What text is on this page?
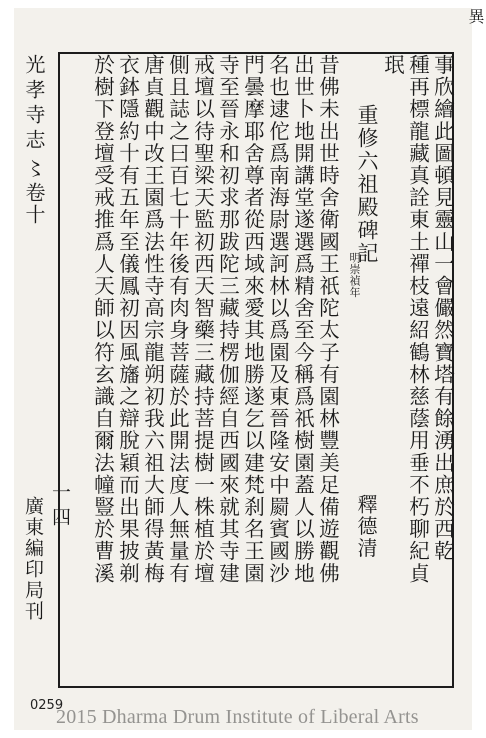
光孝寺志〻卷十
異
事欣繪此圖頓見靈山一會儼然寶塔有餘湧出庶於西乾
種再標龍藏真詮東土禪枝遠紹鶴林慈蔭用垂不朽聊紀貞
珉
重修六祖殿碑記
明崇禎年
釋德清
昔佛未出世時舍衛國王祇陀太子有園林豐美足備遊觀佛
出世卜地開講堂遂選爲精舍至今稱爲祇樹園蓋人以勝地
名也逮佗爲南海尉選訶林以爲園及東晉隆安中罽賓國沙
門曇摩耶舍尊者從西域來愛其地勝遂乞以建梵刹名王園
寺至晉永和初求那跋陀三藏持楞伽經自西國來就其寺建
戒壇以待聖梁天監初西天智藥三藏持菩提樹一株植於壇
側且誌之曰百七十年後有肉身菩薩於此開法度人無量有
唐貞觀中改王園爲法性寺高宗龍朔初我六祖大師得黃梅
衣鉢隱約十有五年至儀鳳初因風旛之辯脫穎而出果披剃
於樹下登壇受戒推爲人天師以符玄識自爾法幢豎於曹溪
一四
廣東編印局刊
0259
2015 Dharma Drum Institute of Liberal Arts
